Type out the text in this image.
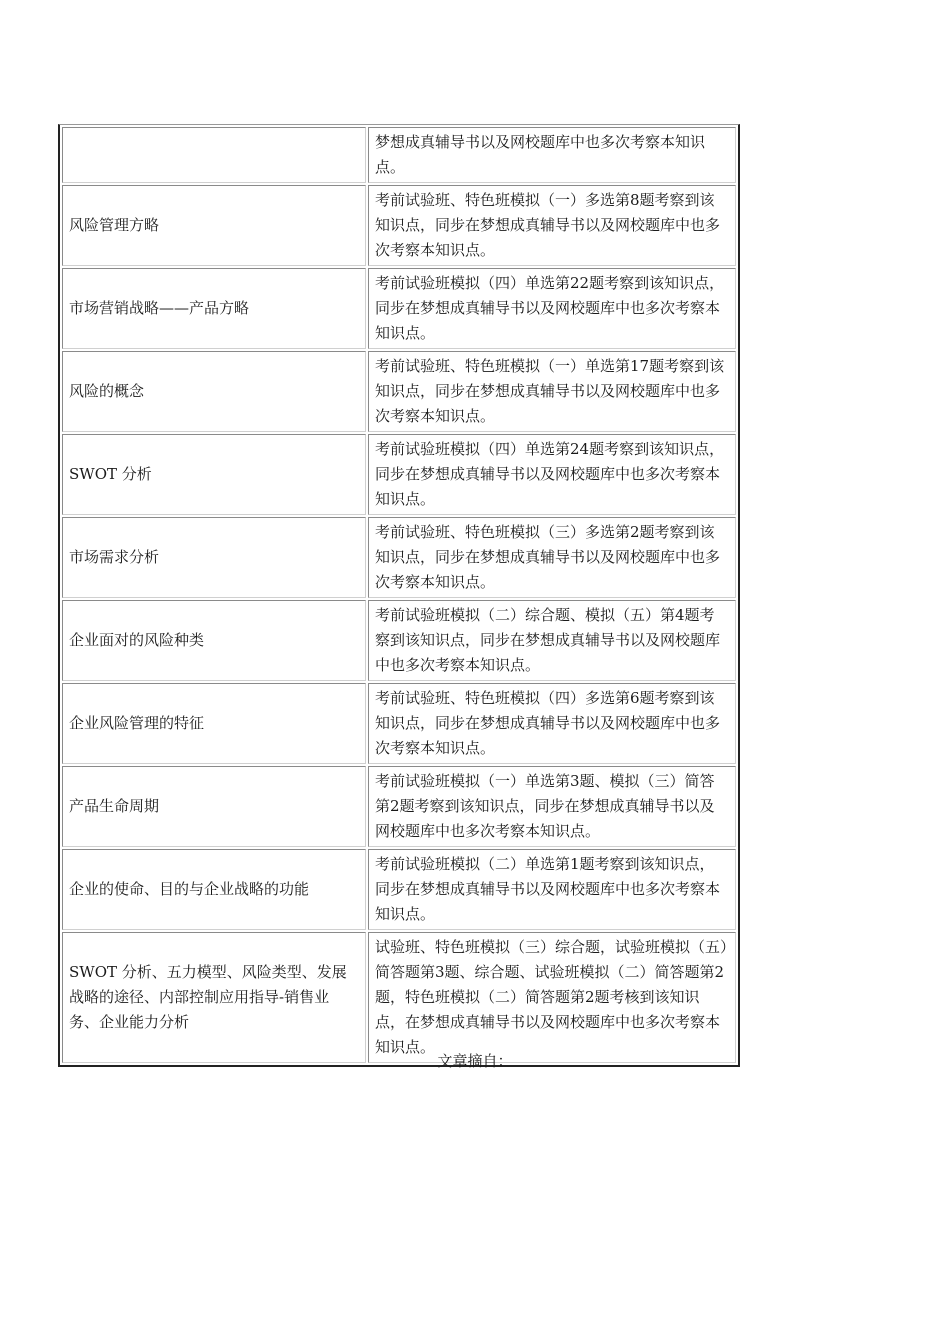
	梦想成真辅导书以及网校题库中也多次考察本知识点。
风险管理方略	考前试验班、特色班模拟（一）多选第8题考察到该知识点，同步在梦想成真辅导书以及网校题库中也多次考察本知识点。
市场营销战略——产品方略	考前试验班模拟（四）单选第22题考察到该知识点，同步在梦想成真辅导书以及网校题库中也多次考察本知识点。
风险的概念	考前试验班、特色班模拟（一）单选第17题考察到该知识点，同步在梦想成真辅导书以及网校题库中也多次考察本知识点。
SWOT 分析	考前试验班模拟（四）单选第24题考察到该知识点，同步在梦想成真辅导书以及网校题库中也多次考察本知识点。
市场需求分析	考前试验班、特色班模拟（三）多选第2题考察到该知识点，同步在梦想成真辅导书以及网校题库中也多次考察本知识点。
企业面对的风险种类	考前试验班模拟（二）综合题、模拟（五）第4题考察到该知识点，同步在梦想成真辅导书以及网校题库中也多次考察本知识点。
企业风险管理的特征	考前试验班、特色班模拟（四）多选第6题考察到该知识点，同步在梦想成真辅导书以及网校题库中也多次考察本知识点。
产品生命周期	考前试验班模拟（一）单选第3题、模拟（三）简答第2题考察到该知识点，同步在梦想成真辅导书以及网校题库中也多次考察本知识点。
企业的使命、目的与企业战略的功能	考前试验班模拟（二）单选第1题考察到该知识点，同步在梦想成真辅导书以及网校题库中也多次考察本知识点。
SWOT 分析、五力模型、风险类型、发展战略的途径、内部控制应用指导-销售业务、企业能力分析	试验班、特色班模拟（三）综合题，试验班模拟（五）简答题第3题、综合题、试验班模拟（二）简答题第2题，特色班模拟（二）简答题第2题考核到该知识点，在梦想成真辅导书以及网校题库中也多次考察本知识点。
文章摘自：
